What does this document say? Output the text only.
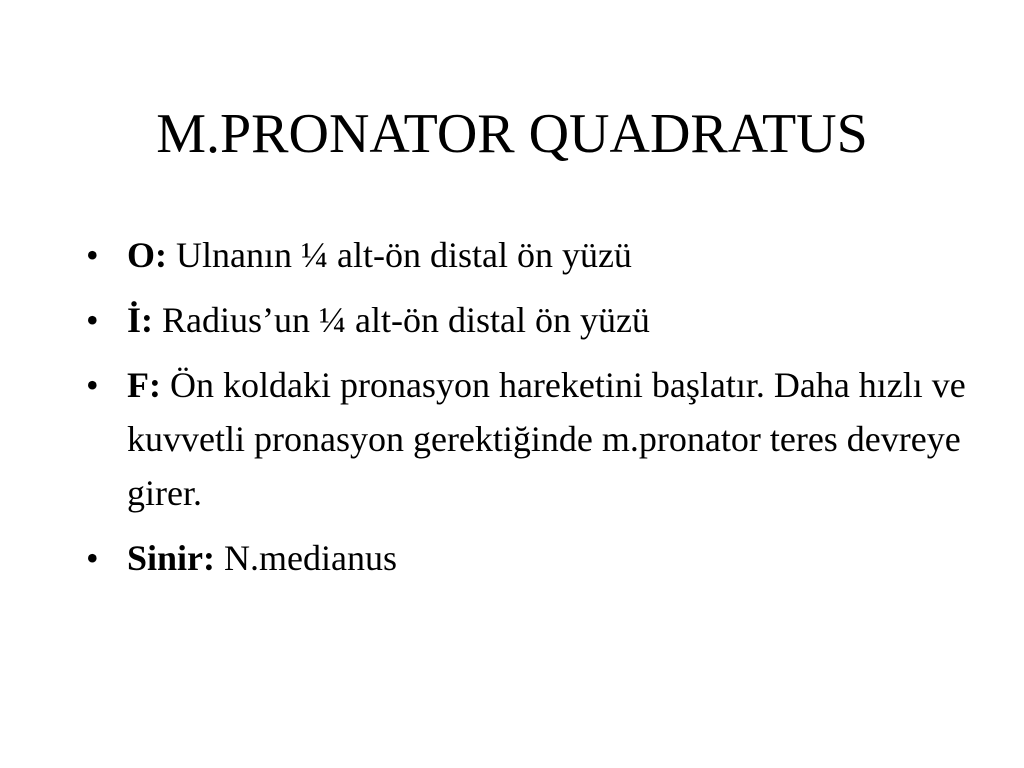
M.PRONATOR QUADRATUS
• O: Ulnanın ¼ alt-ön distal ön yüzü
• İ: Radius’un ¼ alt-ön distal ön yüzü
• F: Ön koldaki pronasyon hareketini başlatır. Daha hızlı ve kuvvetli pronasyon gerektiğinde m.pronator teres devreye girer.
• Sinir: N.medianus
